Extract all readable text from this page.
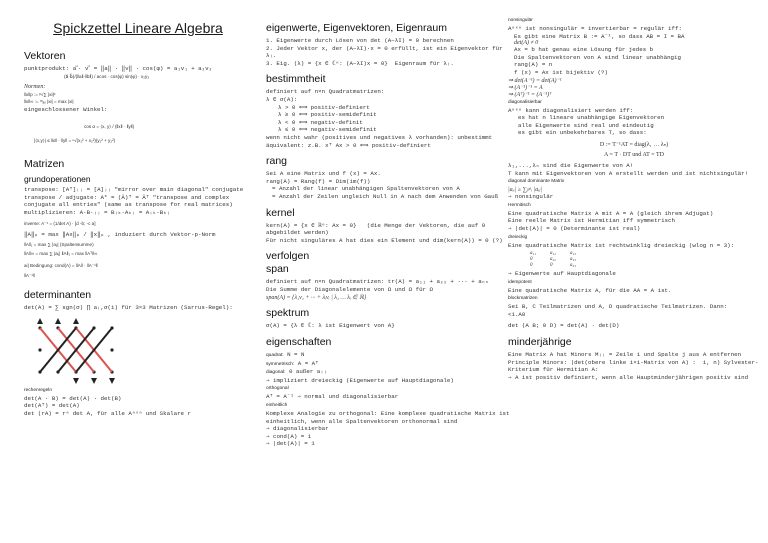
Spickzettel Lineare Algebra
Vektoren

punktprodukt: a ⃗· v ⃗ = ‖a‖ · ‖v‖ · cos(φ) = a₁v₁ + a₂v₂

(a⃗·b⃗)/(‖a‖·‖b‖) / acos · cos(φ) sin(φ) · x₂y₃

Normen:

‖x‖p := ᵖ√∑ |xi|ᵖ

‖x‖∞ := ᵐₐₓ |xi| = max |xi|

eingeschlossener Winkel:

cos α = ⟨x, y⟩ / (‖x‖ · ‖y‖)

|⟨x,y⟩| ≤ ‖x‖ · ‖y‖ = ⁿ√(x₁² + x₂²)(y₁² + y₂²)

Matrizen
grundoperationen

transpose: [Aᵀ]ᵢⱼ = [A]ⱼᵢ "mirror over main diagonal" conjugate transpose / adjugate: A* = (Ā)ᵀ = Āᵀ "transpose and complex conjugate all entries" (same as transpose for real matrices) multiplizieren: A·B·ᵢⱼ = Bᵢₖ·Aₖⱼ = Aᵢₖ·Bₖⱼ

inverse: A⁻¹ = (1/det A) · [d -b; -c a]

‖A‖ₚ = max ‖Ax‖ₚ / ‖x‖ₚ , induziert durch Vektor-p-Norm

‖A‖₁ = max ∑ |aᵢⱼ| (Spaltensumme)

‖A‖∞ = max ∑ |aᵢⱼ| ‖A‖₁ = max ‖Aᵀ‖∞

ai| Bedingung: cond(A) = ‖A‖ · ‖A⁻¹‖

‖A⁻¹‖

determinanten

det(A) = ∑ sgn(σ) ∏ aᵢ,σ(i) für 3×3 Matrizen (Sarrus-Regel):

rechenregeln

det(A · B) = det(A) · det(B)

det(Aᵀ) = det(A)

det (rA) = rⁿ det A, für alle Aⁿˣⁿ und Skalare r

eigenwerte, Eigenvektoren, Eigenraum

1. Eigenwerte durch Lösen von det (A−λI) = 0 berechnen

2. Jeder Vektor x, der (A−λI)·x = 0 erfüllt, ist ein Eigenvektor für λᵢ.

3. Eig. (λ) = {x ∈ ℂⁿ: (A−λI)x = 0}  Eigenraum für λᵢ.

bestimmtheit

definiert auf n×n Quadratmatrizen:

λ ∈ σ(A):

λ > 0 ⟺ positiv-definiert

λ ≥ 0 ⟺ positiv-semidefinit

λ < 0 ⟺ negativ-definit

λ ≤ 0 ⟺ negativ-semidefinit

wenn nicht wahr (positives und negatives λ vorhanden): unbestimmt

äquivalent: z.B. xᵀ Ax > 0 ⟺ positiv-definiert

rang

Sei A eine Matrix und f (x) = Ax.

rang(A) = Rang(f) = Dim(im(f))

= Anzahl der linear unabhängigen Spaltenvektoren von A

= Anzahl der Zeilen ungleich Null in A nach dem Anwenden von Gauß

kernel

kern(A) = {x ∈ ℝⁿ: Ax = 0}   (die Menge der Vektoren, die auf 0 abgebildet werden)

Für nicht singuläres A hat dies ein Element und dim(kern(A)) = 0 (?)

verfolgen
span

definiert auf n×n Quadratmatrizen: tr(A) = a₁₁ + a₂₂ + ··· + aₙₙ

Die Summe der Diagonalelemente von Ω und Ω für Ω

span(A) = {λ₁v₁ + ··· + λᵢvᵢ | λ₁ … λᵢ ∈ ℝ}

spektrum

σ(A) = {λ ∈ ℂ: λ ist Eigenwert von A}

eigenschaften

quadrat: N = N

symmetrisch: A = Aᵀ

diagonal: 0 außer aᵢᵢ

⇒ impliziert dreieckig (Eigenwerte auf Hauptdiagonale)

orthogonal

Aᵀ = A⁻¹ ⇒ normal und diagonalisierbar

einheitlich

Komplexe Analogie zu orthogonal: Eine komplexe quadratische Matrix ist einheitlich, wenn alle Spaltenvektoren orthonormal sind

⇒ diagonalisierbar

⇒ cond(A) = 1

⇒ |det(A)| = 1

nonsingulär

Aⁿˣⁿ ist nonsingulär = invertierbar = regulär iff:

Es gibt eine Matrix B := A⁻¹, so dass AB = I = BA

det(A) ≠ 0

Ax = b hat genau eine Lösung für jedes b

Die Spaltenvektoren von A sind linear unabhängig

rang(A) = n

f (x) = Ax ist bijektiv (?)

⇒ det(A⁻¹) = det(A)⁻¹

⇒ (A⁻¹)⁻¹ = A

⇒ (Aᵀ)⁻¹ = (A⁻¹)ᵀ

diagonalisierbar

Aⁿˣⁿ kann diagonalisiert werden iff:

es hat n lineare unabhängige Eigenvektoren

alle Eigenwerte sind real und eindeutig

es gibt ein unbekehrbares T, so dass:

D := T⁻¹AT = diag(λ₁ … λₙ)

A = T · DT und AT = TD

λ₁,...,λₙ sind die Eigenwerte von A!

T kann mit Eigenvektoren von A erstellt werden und ist nichtsingulär!

diagonal dominante Matrix

|aᵢᵢ| ≥ ∑ⱼ≠ᵢ |aᵢⱼ|

⇒ nonsingulär

Hermitisch

Eine quadratische Matrix A mit A = A (gleich ihrem Adjugat)

Eine reelle Matrix ist Hermitian iff symmetrisch

⇒ |det(A)| = 0 (Determinante ist real)

dreieckig

Eine quadratische Matrix ist rechtwinklig dreieckig (wlog n = 3):

a₁₁	a₁₂	a₁₃
0	a₂₂	a₂₃
0	0	a₃₃

⇒ Eigenwerte auf Hauptdiagonale

idempotent

Eine quadratische Matrix A, für die AA = A ist.

blockmatrizen

Sei B, C Teilmatrizen und A, D quadratische Teilmatrizen. Dann:

<1.A0

det (A B; 0 D) = det(A) · det(D)

minderjährige

Eine Matrix A hat Minors Mᵢⱼ = Zeile i und Spalte j aus A entfernen Principle Minors: |det(obere linke i×i-Matrix von A) :  i, n) Sylvester-Kriterium für Hermitian A:

⇒ A ist positiv definiert, wenn alle Hauptminderjährigen positiv sind
